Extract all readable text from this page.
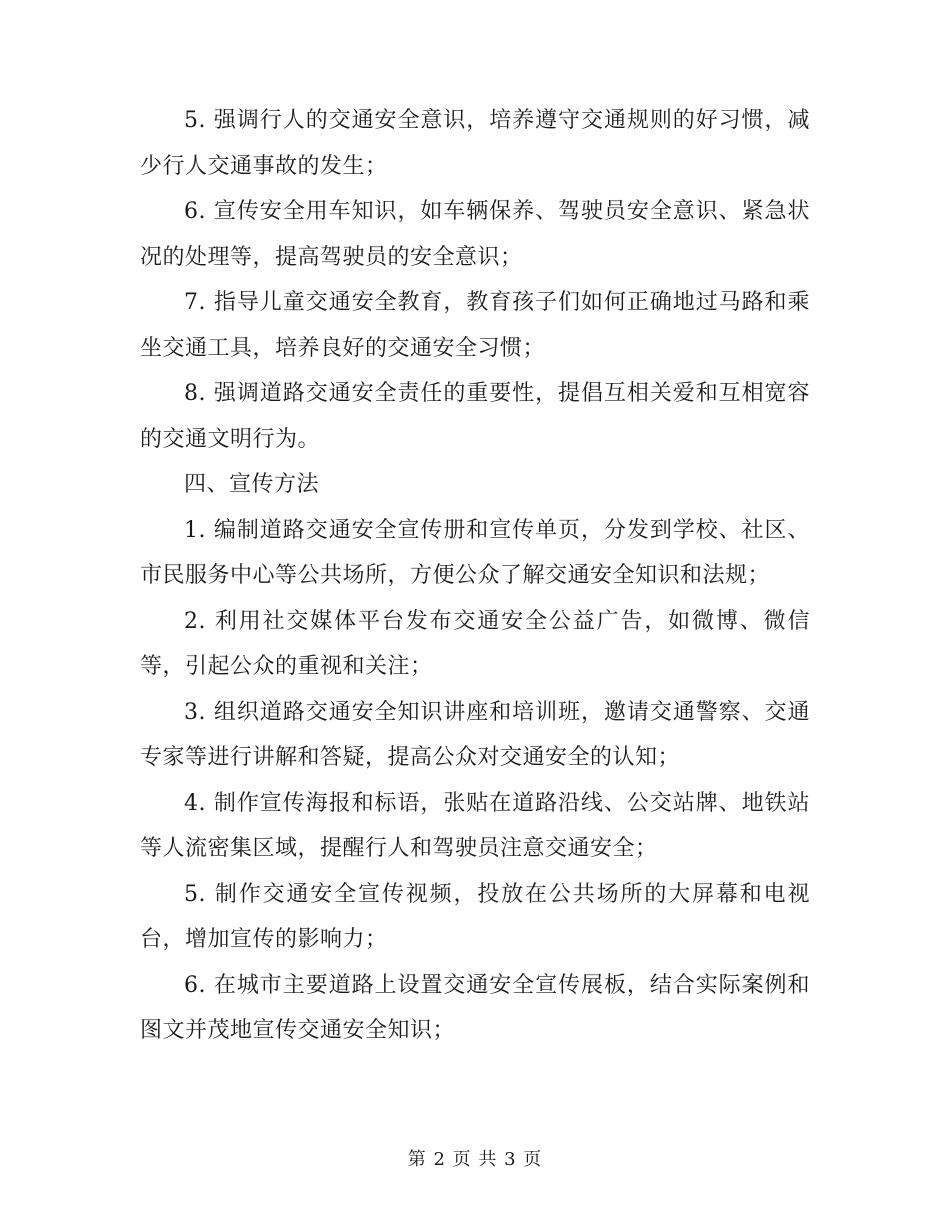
5. 强调行人的交通安全意识，培养遵守交通规则的好习惯，减少行人交通事故的发生；

6. 宣传安全用车知识，如车辆保养、驾驶员安全意识、紧急状况的处理等，提高驾驶员的安全意识；

7. 指导儿童交通安全教育，教育孩子们如何正确地过马路和乘坐交通工具，培养良好的交通安全习惯；

8. 强调道路交通安全责任的重要性，提倡互相关爱和互相宽容的交通文明行为。

四、宣传方法

1. 编制道路交通安全宣传册和宣传单页，分发到学校、社区、市民服务中心等公共场所，方便公众了解交通安全知识和法规；

2. 利用社交媒体平台发布交通安全公益广告，如微博、微信等，引起公众的重视和关注；

3. 组织道路交通安全知识讲座和培训班，邀请交通警察、交通专家等进行讲解和答疑，提高公众对交通安全的认知；

4. 制作宣传海报和标语，张贴在道路沿线、公交站牌、地铁站等人流密集区域，提醒行人和驾驶员注意交通安全；

5. 制作交通安全宣传视频，投放在公共场所的大屏幕和电视台，增加宣传的影响力；

6. 在城市主要道路上设置交通安全宣传展板，结合实际案例和图文并茂地宣传交通安全知识；

第 2 页 共 3 页
